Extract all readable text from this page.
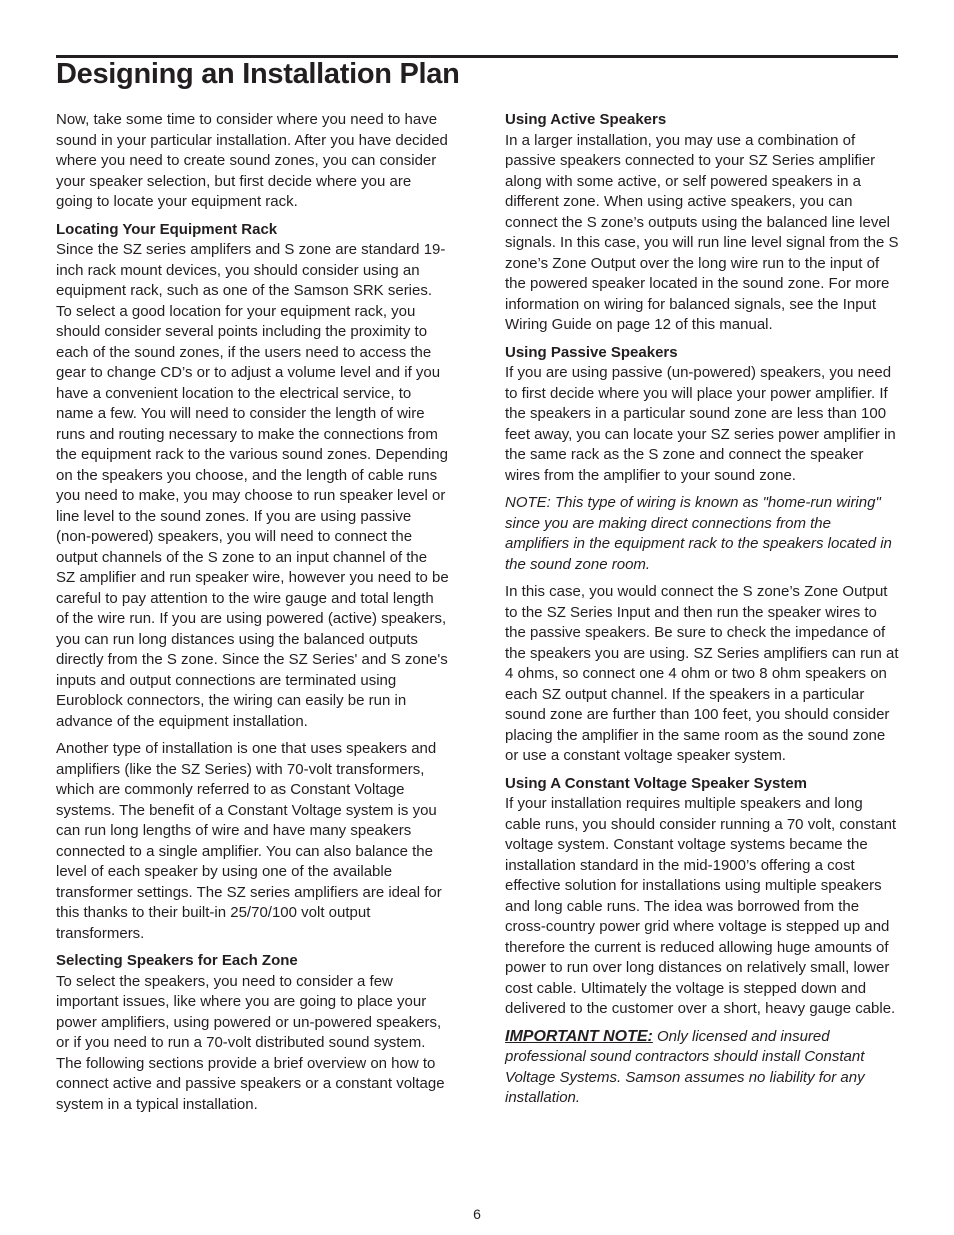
Designing an Installation Plan

Now, take some time to consider where you need to have sound in your particular installation. After you have decided where you need to create sound zones, you can consider your speaker selection, but first decide where you are going to locate your equipment rack.

Locating Your Equipment Rack
Since the SZ series amplifers and S zone are standard 19-inch rack mount devices, you should consider using an equipment rack, such as one of the Samson SRK series. To select a good location for your equipment rack, you should consider several points including the proximity to each of the sound zones, if the users need to access the gear to change CD’s or to adjust a volume level and if you have a convenient location to the electrical service, to name a few. You will need to consider the length of wire runs and routing necessary to make the connections from the equipment rack to the various sound zones. Depending on the speakers you choose, and the length of cable runs you need to make, you may choose to run speaker level or line level to the sound zones. If you are using passive (non-powered) speakers, you will need to connect the output channels of the S zone to an input channel of the SZ amplifier and run speaker wire, however you need to be careful to pay attention to the wire gauge and total length of the wire run. If you are using powered (active) speakers, you can run long distances using the balanced outputs directly from the S zone. Since the SZ Series' and S zone's inputs and output connections are terminated using Euroblock connectors, the wiring can easily be run in advance of the equipment installation.

Another type of installation is one that uses speakers and amplifiers (like the SZ Series) with 70-volt transformers, which are commonly referred to as Constant Voltage systems. The benefit of a Constant Voltage system is you can run long lengths of wire and have many speakers connected to a single amplifier. You can also balance the level of each speaker by using one of the available transformer settings. The SZ series amplifiers are ideal for this thanks to their built-in 25/70/100 volt output transformers.

Selecting Speakers for Each Zone
To select the speakers, you need to consider a few important issues, like where you are going to place your power amplifiers, using powered or un-powered speakers, or if you need to run a 70-volt distributed sound system. The following sections provide a brief overview on how to connect active and passive speakers or a constant voltage system in a typical installation.

Using Active Speakers
In a larger installation, you may use a combination of passive speakers connected to your SZ Series amplifier along with some active, or self powered speakers in a different zone. When using active speakers, you can connect the S zone’s outputs using the balanced line level signals. In this case, you will run line level signal from the S zone’s Zone Output over the long wire run to the input of the powered speaker located in the sound zone. For more information on wiring for balanced signals, see the Input Wiring Guide on page 12 of this manual.

Using Passive Speakers
If you are using passive (un-powered) speakers, you need to first decide where you will place your power amplifier. If the speakers in a particular sound zone are less than 100 feet away, you can locate your SZ series power amplifier in the same rack as the S zone and connect the speaker wires from the amplifier to your sound zone.

NOTE: This type of wiring is known as "home-run wiring" since you are making direct connections from the amplifiers in the equipment rack to the speakers located in the sound zone room.

In this case, you would connect the S zone’s Zone Output to the SZ Series Input and then run the speaker wires to the passive speakers. Be sure to check the impedance of the speakers you are using. SZ Series amplifiers can run at 4 ohms, so connect one 4 ohm or two 8 ohm speakers on each SZ output channel. If the speakers in a particular sound zone are further than 100 feet, you should consider placing the amplifier in the same room as the sound zone or use a constant voltage speaker system.

Using A Constant Voltage Speaker System
If your installation requires multiple speakers and long cable runs, you should consider running a 70 volt, constant voltage system. Constant voltage systems became the installation standard in the mid-1900’s offering a cost effective solution for installations using multiple speakers and long cable runs. The idea was borrowed from the cross-country power grid where voltage is stepped up and therefore the current is reduced allowing huge amounts of power to run over long distances on relatively small, lower cost cable. Ultimately the voltage is stepped down and delivered to the customer over a short, heavy gauge cable.

IMPORTANT NOTE: Only licensed and insured professional sound contractors should install Constant Voltage Systems. Samson assumes no liability for any installation.

6
